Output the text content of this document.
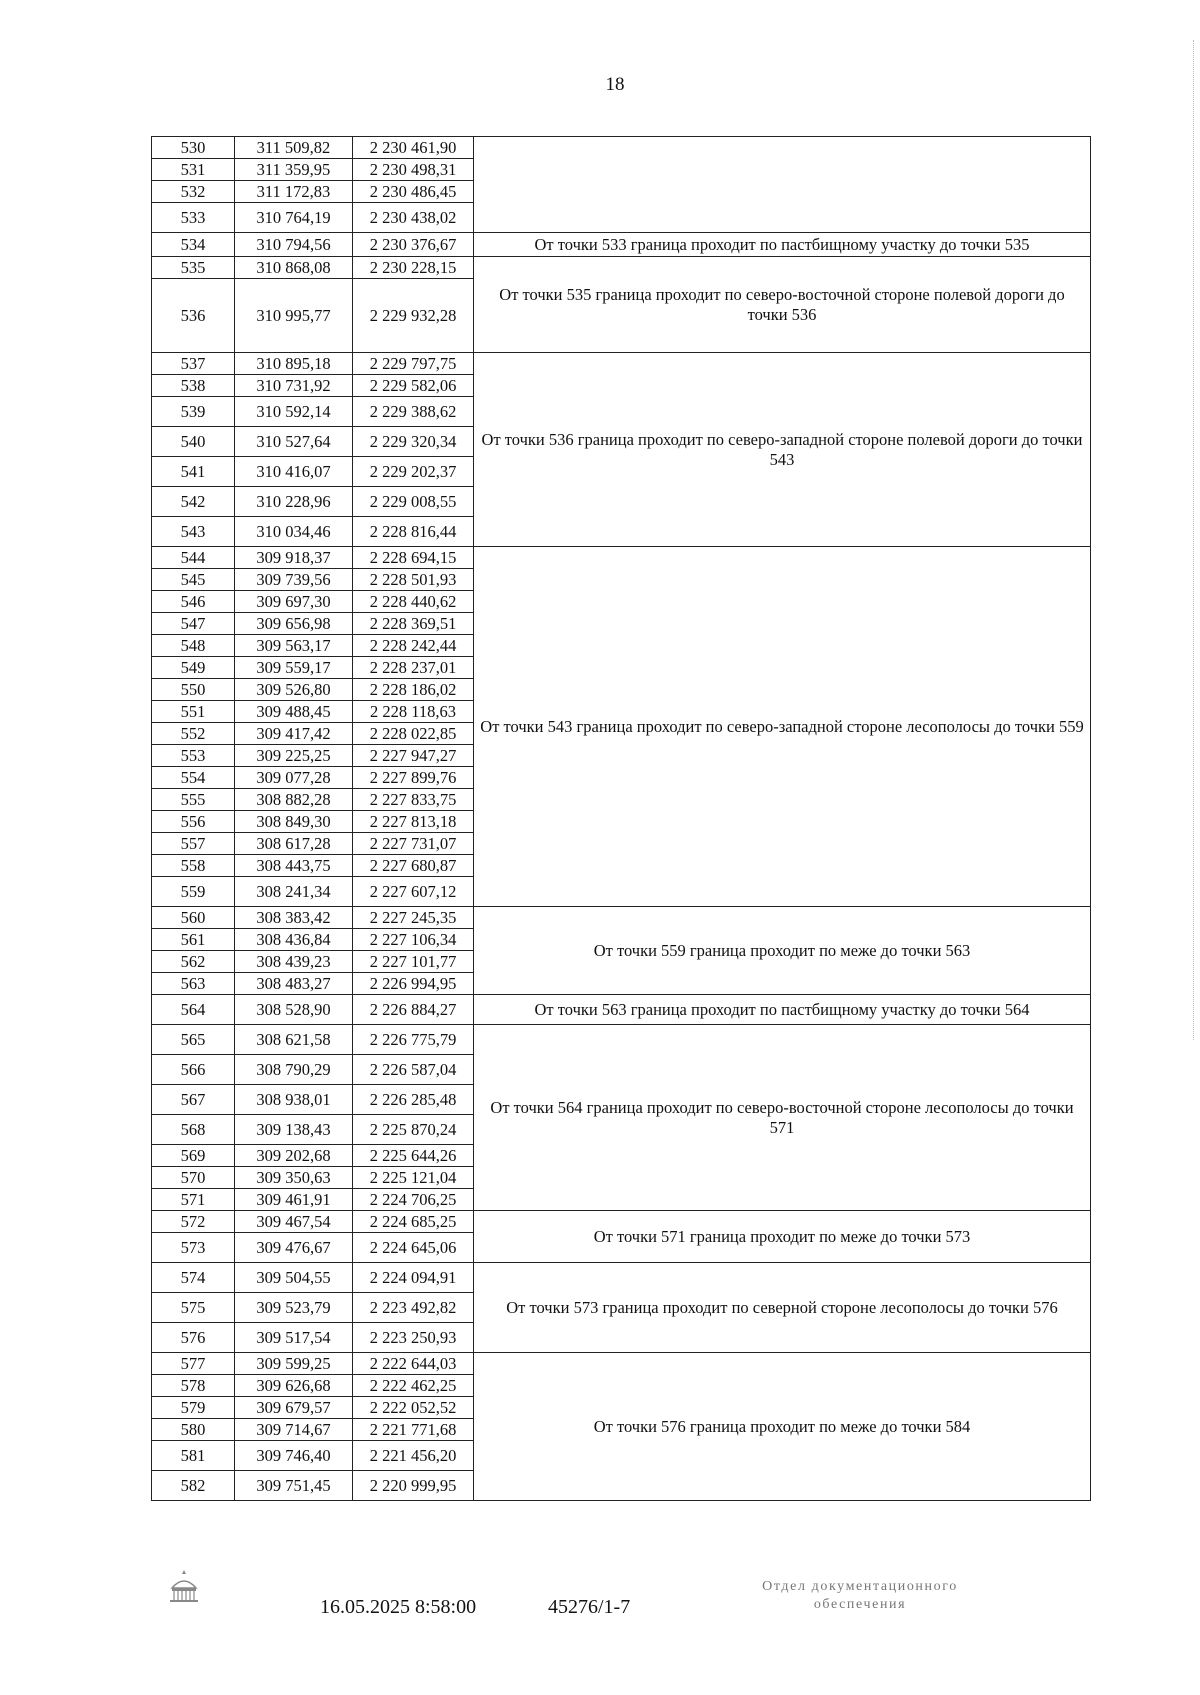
18
530	311 509,82	2 230 461,90	
531	311 359,95	2 230 498,31	
532	311 172,83	2 230 486,45	
533	310 764,19	2 230 438,02	
534	310 794,56	2 230 376,67	От точки 533 граница проходит по пастбищному участку до точки 535
535	310 868,08	2 230 228,15	От точки 535 граница проходит по северо-восточной стороне полевой дороги до точки 536
536	310 995,77	2 229 932,28	
537	310 895,18	2 229 797,75	От точки 536 граница проходит по северо-западной стороне полевой дороги до точки 543
538	310 731,92	2 229 582,06	
539	310 592,14	2 229 388,62	
540	310 527,64	2 229 320,34	
541	310 416,07	2 229 202,37	
542	310 228,96	2 229 008,55	
543	310 034,46	2 228 816,44	
544	309 918,37	2 228 694,15	От точки 543 граница проходит по северо-западной стороне лесополосы до точки 559
545	309 739,56	2 228 501,93	
546	309 697,30	2 228 440,62	
547	309 656,98	2 228 369,51	
548	309 563,17	2 228 242,44	
549	309 559,17	2 228 237,01	
550	309 526,80	2 228 186,02	
551	309 488,45	2 228 118,63	
552	309 417,42	2 228 022,85	
553	309 225,25	2 227 947,27	
554	309 077,28	2 227 899,76	
555	308 882,28	2 227 833,75	
556	308 849,30	2 227 813,18	
557	308 617,28	2 227 731,07	
558	308 443,75	2 227 680,87	
559	308 241,34	2 227 607,12	
560	308 383,42	2 227 245,35	От точки 559 граница проходит по меже до точки 563
561	308 436,84	2 227 106,34	
562	308 439,23	2 227 101,77	
563	308 483,27	2 226 994,95	
564	308 528,90	2 226 884,27	От точки 563 граница проходит по пастбищному участку до точки 564
565	308 621,58	2 226 775,79	От точки 564 граница проходит по северо-восточной стороне лесополосы до точки 571
566	308 790,29	2 226 587,04	
567	308 938,01	2 226 285,48	
568	309 138,43	2 225 870,24	
569	309 202,68	2 225 644,26	
570	309 350,63	2 225 121,04	
571	309 461,91	2 224 706,25	
572	309 467,54	2 224 685,25	От точки 571 граница проходит по меже до точки 573
573	309 476,67	2 224 645,06	
574	309 504,55	2 224 094,91	От точки 573 граница проходит по северной стороне лесополосы до точки 576
575	309 523,79	2 223 492,82	
576	309 517,54	2 223 250,93	
577	309 599,25	2 222 644,03	От точки 576 граница проходит по меже до точки 584
578	309 626,68	2 222 462,25	
579	309 679,57	2 222 052,52	
580	309 714,67	2 221 771,68	
581	309 746,40	2 221 456,20	
582	309 751,45	2 220 999,95	
16.05.2025 8:58:00	45276/1-7
Отдел документационного
обеспечения
